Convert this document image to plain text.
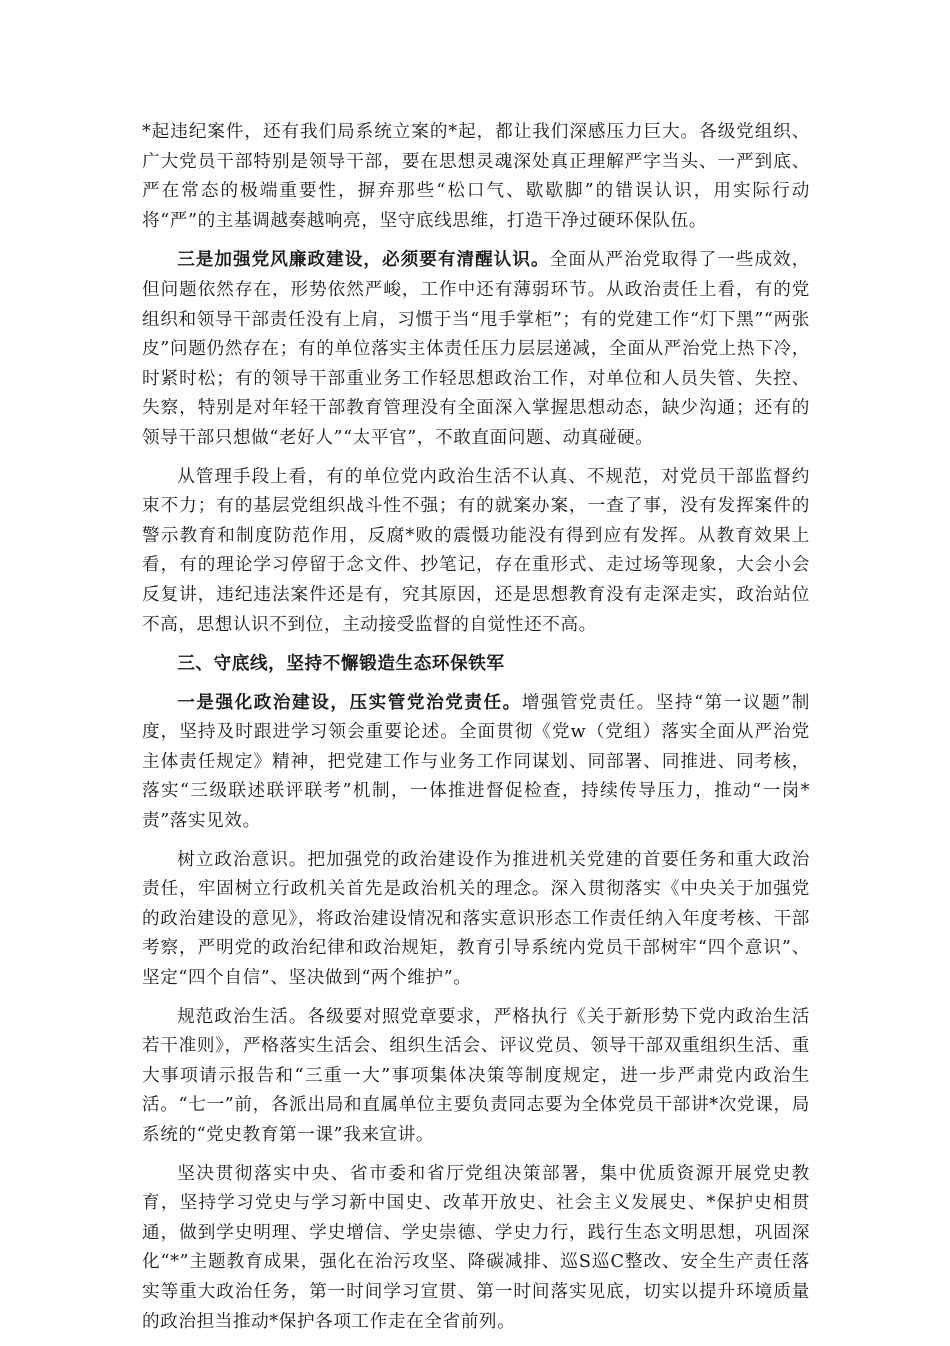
*起违纪案件，还有我们局系统立案的*起，都让我们深感压力巨大。各级党组织、广大党员干部特别是领导干部，要在思想灵魂深处真正理解严字当头、一严到底、严在常态的极端重要性，摒弃那些“松口气、歇歇脚”的错误认识，用实际行动将“严”的主基调越奏越响亮，坚守底线思维，打造干净过硬环保队伍。

三是加强党风廉政建设，必须要有清醒认识。全面从严治党取得了一些成效，但问题依然存在，形势依然严峻，工作中还有薄弱环节。从政治责任上看，有的党组织和领导干部责任没有上肩，习惯于当“甩手掌柜”；有的党建工作“灯下黑”“两张皮”问题仍然存在；有的单位落实主体责任压力层层递减，全面从严治党上热下冷，时紧时松；有的领导干部重业务工作轻思想政治工作，对单位和人员失管、失控、失察，特别是对年轻干部教育管理没有全面深入掌握思想动态，缺少沟通；还有的领导干部只想做“老好人”“太平官”，不敢直面问题、动真碰硬。

从管理手段上看，有的单位党内政治生活不认真、不规范，对党员干部监督约束不力；有的基层党组织战斗性不强；有的就案办案，一查了事，没有发挥案件的警示教育和制度防范作用，反腐*败的震慑功能没有得到应有发挥。从教育效果上看，有的理论学习停留于念文件、抄笔记，存在重形式、走过场等现象，大会小会反复讲，违纪违法案件还是有，究其原因，还是思想教育没有走深走实，政治站位不高，思想认识不到位，主动接受监督的自觉性还不高。

三、守底线，坚持不懈锻造生态环保铁军

一是强化政治建设，压实管党治党责任。增强管党责任。坚持“第一议题”制度，坚持及时跟进学习领会重要论述。全面贯彻《党w（党组）落实全面从严治党主体责任规定》精神，把党建工作与业务工作同谋划、同部署、同推进、同考核，落实“三级联述联评联考”机制，一体推进督促检查，持续传导压力，推动“一岗*责”落实见效。

树立政治意识。把加强党的政治建设作为推进机关党建的首要任务和重大政治责任，牢固树立行政机关首先是政治机关的理念。深入贯彻落实《中央关于加强党的政治建设的意见》，将政治建设情况和落实意识形态工作责任纳入年度考核、干部考察，严明党的政治纪律和政治规矩，教育引导系统内党员干部树牢“四个意识”、坚定“四个自信”、坚决做到“两个维护”。

规范政治生活。各级要对照党章要求，严格执行《关于新形势下党内政治生活若干准则》，严格落实生活会、组织生活会、评议党员、领导干部双重组织生活、重大事项请示报告和“三重一大”事项集体决策等制度规定，进一步严肃党内政治生活。“七一”前，各派出局和直属单位主要负责同志要为全体党员干部讲*次党课，局系统的“党史教育第一课”我来宣讲。

坚决贯彻落实中央、省市委和省厅党组决策部署，集中优质资源开展党史教育，坚持学习党史与学习新中国史、改革开放史、社会主义发展史、*保护史相贯通，做到学史明理、学史增信、学史崇德、学史力行，践行生态文明思想，巩固深化“*”主题教育成果，强化在治污攻坚、降碳减排、巡S巡C整改、安全生产责任落实等重大政治任务，第一时间学习宣贯、第一时间落实见底，切实以提升环境质量的政治担当推动*保护各项工作走在全省前列。
